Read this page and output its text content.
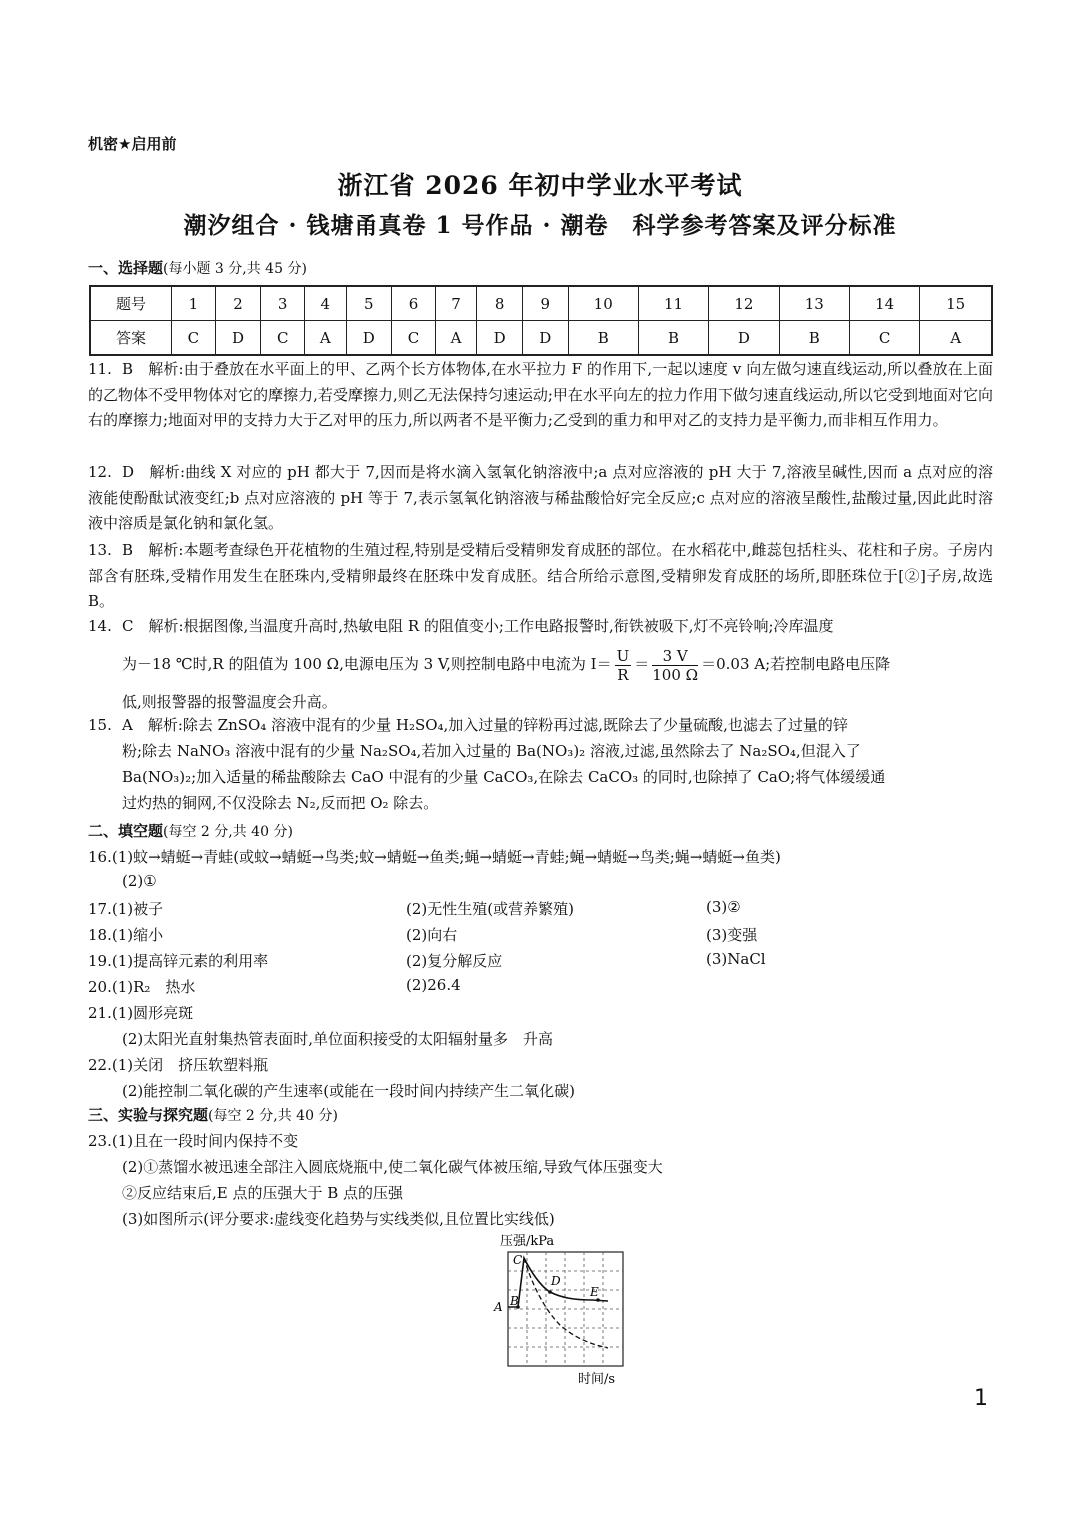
机密★启用前
浙江省 2026 年初中学业水平考试
潮汐组合 · 钱塘甬真卷 1 号作品 · 潮卷　科学参考答案及评分标准
一、选择题(每小题 3 分,共 45 分)
题号	1	2	3	4	5	6	7	8	9	10	11	12	13	14	15
答案	C	D	C	A	D	C	A	D	D	B	B	D	B	C	A
11. B　解析:由于叠放在水平面上的甲、乙两个长方体物体,在水平拉力 F 的作用下,一起以速度 v 向左做匀速直线运动,所以叠放在上面的乙物体不受甲物体对它的摩擦力,若受摩擦力,则乙无法保持匀速运动;甲在水平向左的拉力作用下做匀速直线运动,所以它受到地面对它向右的摩擦力;地面对甲的支持力大于乙对甲的压力,所以两者不是平衡力;乙受到的重力和甲对乙的支持力是平衡力,而非相互作用力。
12. D　解析:曲线 X 对应的 pH 都大于 7,因而是将水滴入氢氧化钠溶液中;a 点对应溶液的 pH 大于 7,溶液呈碱性,因而 a 点对应的溶液能使酚酞试液变红;b 点对应溶液的 pH 等于 7,表示氢氧化钠溶液与稀盐酸恰好完全反应;c 点对应的溶液呈酸性,盐酸过量,因此此时溶液中溶质是氯化钠和氯化氢。
13. B　解析:本题考查绿色开花植物的生殖过程,特别是受精后受精卵发育成胚的部位。在水稻花中,雌蕊包括柱头、花柱和子房。子房内部含有胚珠,受精作用发生在胚珠内,受精卵最终在胚珠中发育成胚。结合所给示意图,受精卵发育成胚的场所,即胚珠位于[②]子房,故选 B。
14. C　解析:根据图像,当温度升高时,热敏电阻 R 的阻值变小;工作电路报警时,衔铁被吸下,灯不亮铃响;冷库温度
为－18 ℃时,R 的阻值为 100 Ω,电源电压为 3 V,则控制电路中电流为 $I= \frac{U}{R} = \frac{3 V}{100 \Omega} =0.03$ A;若控制电路电压降
低,则报警器的报警温度会升高。
15. A　解析:除去 ZnSO₄ 溶液中混有的少量 H₂SO₄,加入过量的锌粉再过滤,既除去了少量硫酸,也滤去了过量的锌
粉;除去 NaNO₃ 溶液中混有的少量 Na₂SO₄,若加入过量的 Ba(NO₃)₂ 溶液,过滤,虽然除去了 Na₂SO₄,但混入了
Ba(NO₃)₂;加入适量的稀盐酸除去 CaO 中混有的少量 CaCO₃,在除去 CaCO₃ 的同时,也除掉了 CaO;将气体缓缓通
过灼热的铜网,不仅没除去 N₂,反而把 O₂ 除去。
二、填空题(每空 2 分,共 40 分)
16.(1)蚊→蜻蜓→青蛙(或蚊→蜻蜓→鸟类;蚊→蜻蜓→鱼类;蝇→蜻蜓→青蛙;蝇→蜻蜓→鸟类;蝇→蜻蜓→鱼类)
(2)①
17.(1)被子	(2)无性生殖(或营养繁殖)	(3)②
18.(1)缩小	(2)向右	(3)变强
19.(1)提高锌元素的利用率	(2)复分解反应	(3)NaCl
20.(1)R₂　热水	(2)26.4
21.(1)圆形亮斑
(2)太阳光直射集热管表面时,单位面积接受的太阳辐射量多　升高
22.(1)关闭　挤压软塑料瓶
(2)能控制二氧化碳的产生速率(或能在一段时间内持续产生二氧化碳)
三、实验与探究题(每空 2 分,共 40 分)
23.(1)且在一段时间内保持不变
(2)①蒸馏水被迅速全部注入圆底烧瓶中,使二氧化碳气体被压缩,导致气体压强变大
②反应结束后,E 点的压强大于 B 点的压强
(3)如图所示(评分要求:虚线变化趋势与实线类似,且位置比实线低)
压强/kPa
A B
C
D
E
时间/s
1
